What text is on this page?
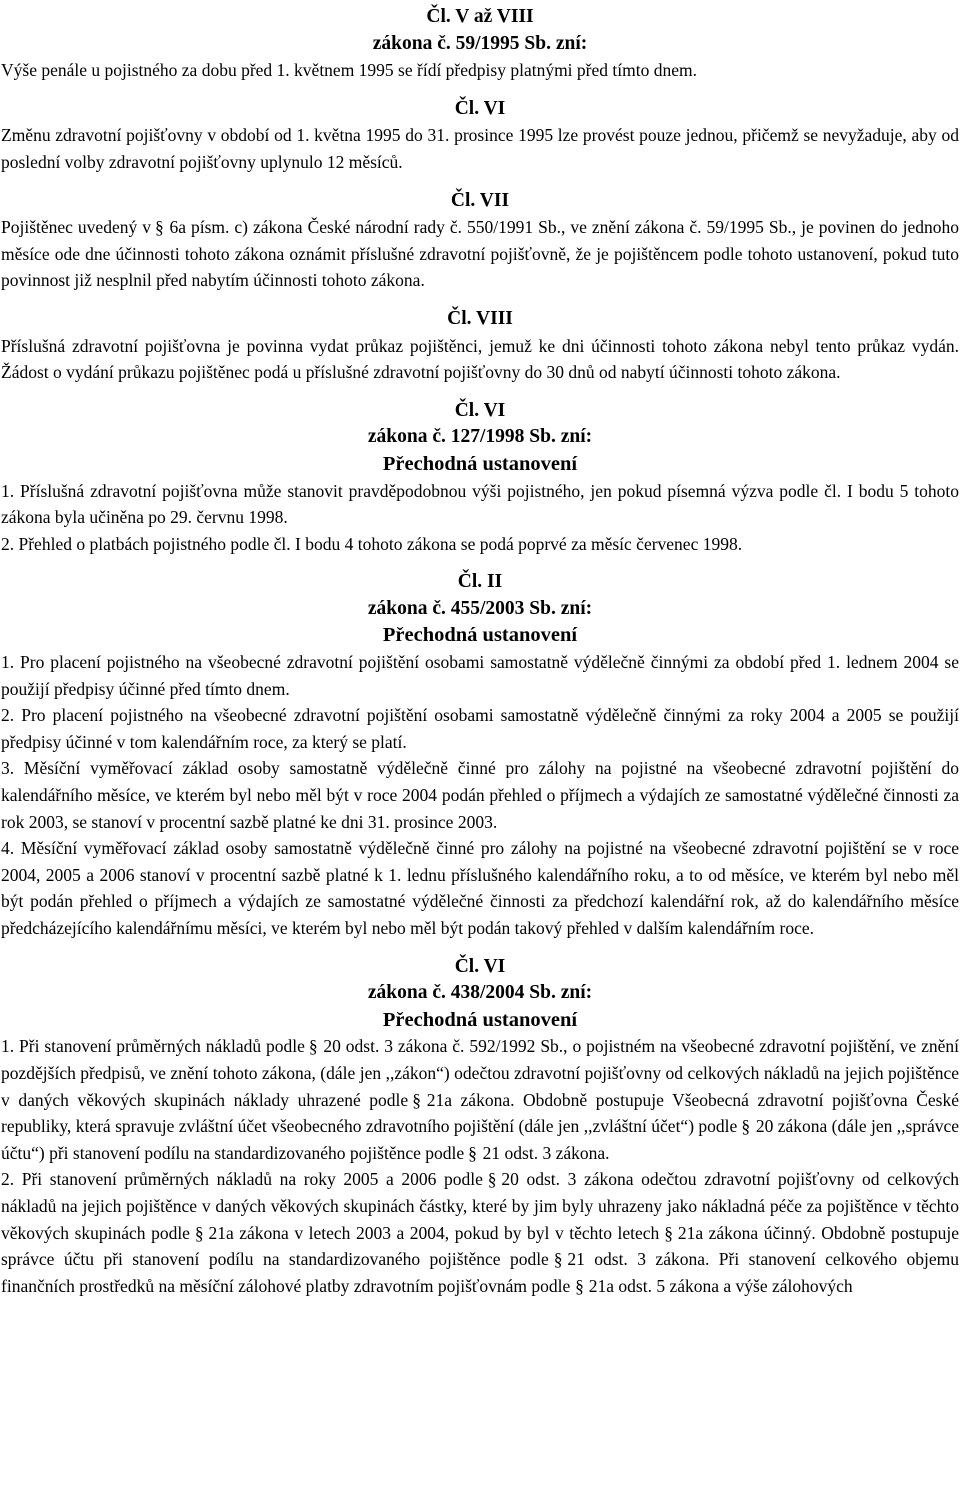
Čl. V až VIII

zákona č. 59/1995 Sb. zní:

Výše penále u pojistného za dobu před 1. květnem 1995 se řídí předpisy platnými před tímto dnem.

Čl. VI

Změnu zdravotní pojišťovny v období od 1. května 1995 do 31. prosince 1995 lze provést pouze jednou, přičemž se nevyžaduje, aby od poslední volby zdravotní pojišťovny uplynulo 12 měsíců.

Čl. VII

Pojištěnec uvedený v § 6a písm. c) zákona České národní rady č. 550/1991 Sb., ve znění zákona č. 59/1995 Sb., je povinen do jednoho měsíce ode dne účinnosti tohoto zákona oznámit příslušné zdravotní pojišťovně, že je pojištěncem podle tohoto ustanovení, pokud tuto povinnost již nesplnil před nabytím účinnosti tohoto zákona.

Čl. VIII

Příslušná zdravotní pojišťovna je povinna vydat průkaz pojištěnci, jemuž ke dni účinnosti tohoto zákona nebyl tento průkaz vydán. Žádost o vydání průkazu pojištěnec podá u příslušné zdravotní pojišťovny do 30 dnů od nabytí účinnosti tohoto zákona.

Čl. VI

zákona č. 127/1998 Sb. zní:

Přechodná ustanovení

1. Příslušná zdravotní pojišťovna může stanovit pravděpodobnou výši pojistného, jen pokud písemná výzva podle čl. I bodu 5 tohoto zákona byla učiněna po 29. červnu 1998.

2. Přehled o platbách pojistného podle čl. I bodu 4 tohoto zákona se podá poprvé za měsíc červenec 1998.

Čl. II

zákona č. 455/2003 Sb. zní:

Přechodná ustanovení

1. Pro placení pojistného na všeobecné zdravotní pojištění osobami samostatně výdělečně činnými za období před 1. lednem 2004 se použijí předpisy účinné před tímto dnem.

2. Pro placení pojistného na všeobecné zdravotní pojištění osobami samostatně výdělečně činnými za roky 2004 a 2005 se použijí předpisy účinné v tom kalendářním roce, za který se platí.

3. Měsíční vyměřovací základ osoby samostatně výdělečně činné pro zálohy na pojistné na všeobecné zdravotní pojištění do kalendářního měsíce, ve kterém byl nebo měl být v roce 2004 podán přehled o příjmech a výdajích ze samostatné výdělečné činnosti za rok 2003, se stanoví v procentní sazbě platné ke dni 31. prosince 2003.

4. Měsíční vyměřovací základ osoby samostatně výdělečně činné pro zálohy na pojistné na všeobecné zdravotní pojištění se v roce 2004, 2005 a 2006 stanoví v procentní sazbě platné k 1. lednu příslušného kalendářního roku, a to od měsíce, ve kterém byl nebo měl být podán přehled o příjmech a výdajích ze samostatné výdělečné činnosti za předchozí kalendářní rok, až do kalendářního měsíce předcházejícího kalendářnímu měsíci, ve kterém byl nebo měl být podán takový přehled v dalším kalendářním roce.

Čl. VI

zákona č. 438/2004 Sb. zní:

Přechodná ustanovení

1. Při stanovení průměrných nákladů podle § 20 odst. 3 zákona č. 592/1992 Sb., o pojistném na všeobecné zdravotní pojištění, ve znění pozdějších předpisů, ve znění tohoto zákona, (dále jen ,,zákon“) odečtou zdravotní pojišťovny od celkových nákladů na jejich pojištěnce v daných věkových skupinách náklady uhrazené podle § 21a zákona. Obdobně postupuje Všeobecná zdravotní pojišťovna České republiky, která spravuje zvláštní účet všeobecného zdravotního pojištění (dále jen ,,zvláštní účet“) podle § 20 zákona (dále jen ,,správce účtu“) při stanovení podílu na standardizovaného pojištěnce podle § 21 odst. 3 zákona.

2. Při stanovení průměrných nákladů na roky 2005 a 2006 podle § 20 odst. 3 zákona odečtou zdravotní pojišťovny od celkových nákladů na jejich pojištěnce v daných věkových skupinách částky, které by jim byly uhrazeny jako nákladná péče za pojištěnce v těchto věkových skupinách podle § 21a zákona v letech 2003 a 2004, pokud by byl v těchto letech § 21a zákona účinný. Obdobně postupuje správce účtu při stanovení podílu na standardizovaného pojištěnce podle § 21 odst. 3 zákona. Při stanovení celkového objemu finančních prostředků na měsíční zálohové platby zdravotním pojišťovnám podle § 21a odst. 5 zákona a výše zálohových
